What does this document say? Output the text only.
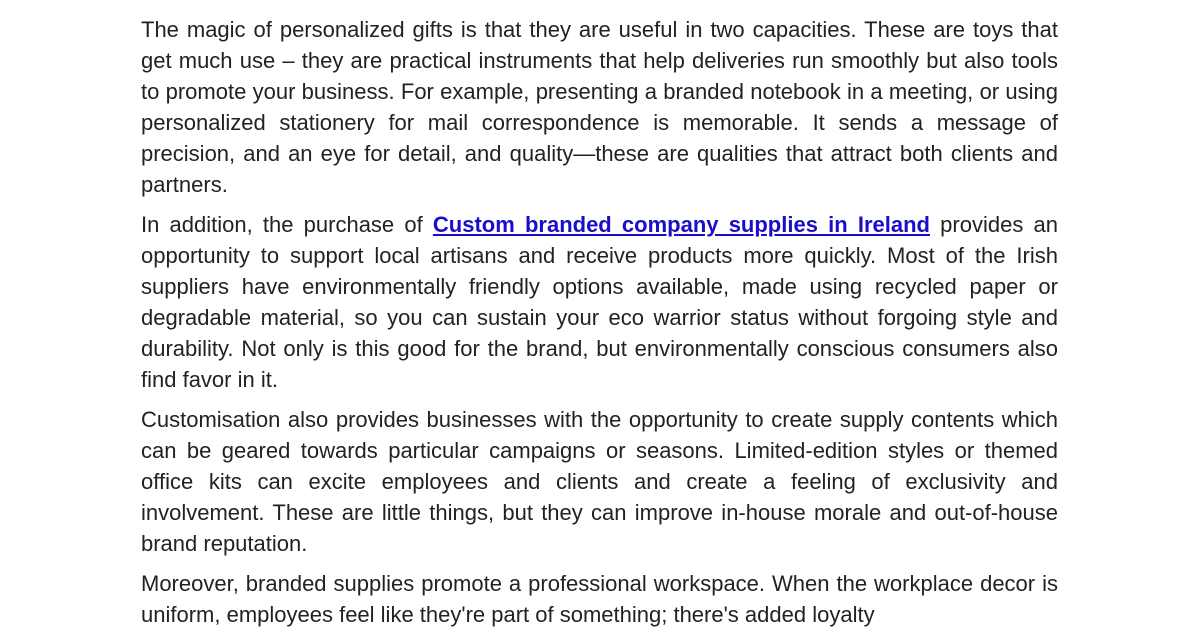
The magic of personalized gifts is that they are useful in two capacities. These are toys that get much use – they are practical instruments that help deliveries run smoothly but also tools to promote your business. For example, presenting a branded notebook in a meeting, or using personalized stationery for mail correspondence is memorable. It sends a message of precision, and an eye for detail, and quality—these are qualities that attract both clients and partners.

In addition, the purchase of Custom branded company supplies in Ireland provides an opportunity to support local artisans and receive products more quickly. Most of the Irish suppliers have environmentally friendly options available, made using recycled paper or degradable material, so you can sustain your eco warrior status without forgoing style and durability. Not only is this good for the brand, but environmentally conscious consumers also find favor in it.

Customisation also provides businesses with the opportunity to create supply contents which can be geared towards particular campaigns or seasons. Limited-edition styles or themed office kits can excite employees and clients and create a feeling of exclusivity and involvement. These are little things, but they can improve in-house morale and out-of-house brand reputation.

Moreover, branded supplies promote a professional workspace. When the workplace decor is uniform, employees feel like they're part of something; there's added loyalty
